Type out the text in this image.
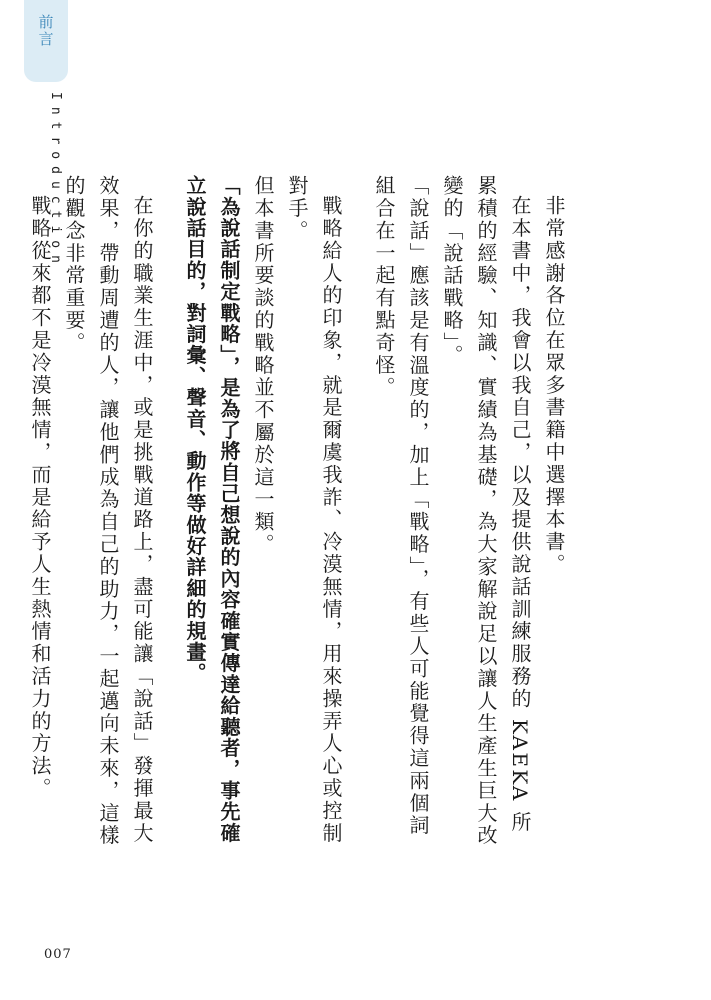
前言
Introduction

非常感謝各位在眾多書籍中選擇本書。

在本書中，我會以我自己，以及提供說話訓練服務的 KAEKA 所累積的經驗、知識、實績為基礎，為大家解說足以讓人生產生巨大改變的「說話戰略」。

「說話」應該是有溫度的，加上「戰略」，有些人可能覺得這兩個詞組合在一起有點奇怪。

戰略給人的印象，就是爾虞我詐、冷漠無情，用來操弄人心或控制對手。

但本書所要談的戰略並不屬於這一類。

「為說話制定戰略」，是為了將自己想說的內容確實傳達給聽者，事先確立說話目的，對詞彙、聲音、動作等做好詳細的規畫。

在你的職業生涯中，或是挑戰道路上，盡可能讓「說話」發揮最大效果，帶動周遭的人，讓他們成為自己的助力，一起邁向未來，這樣的觀念非常重要。

戰略從來都不是冷漠無情，而是給予人生熱情和活力的方法。

007
